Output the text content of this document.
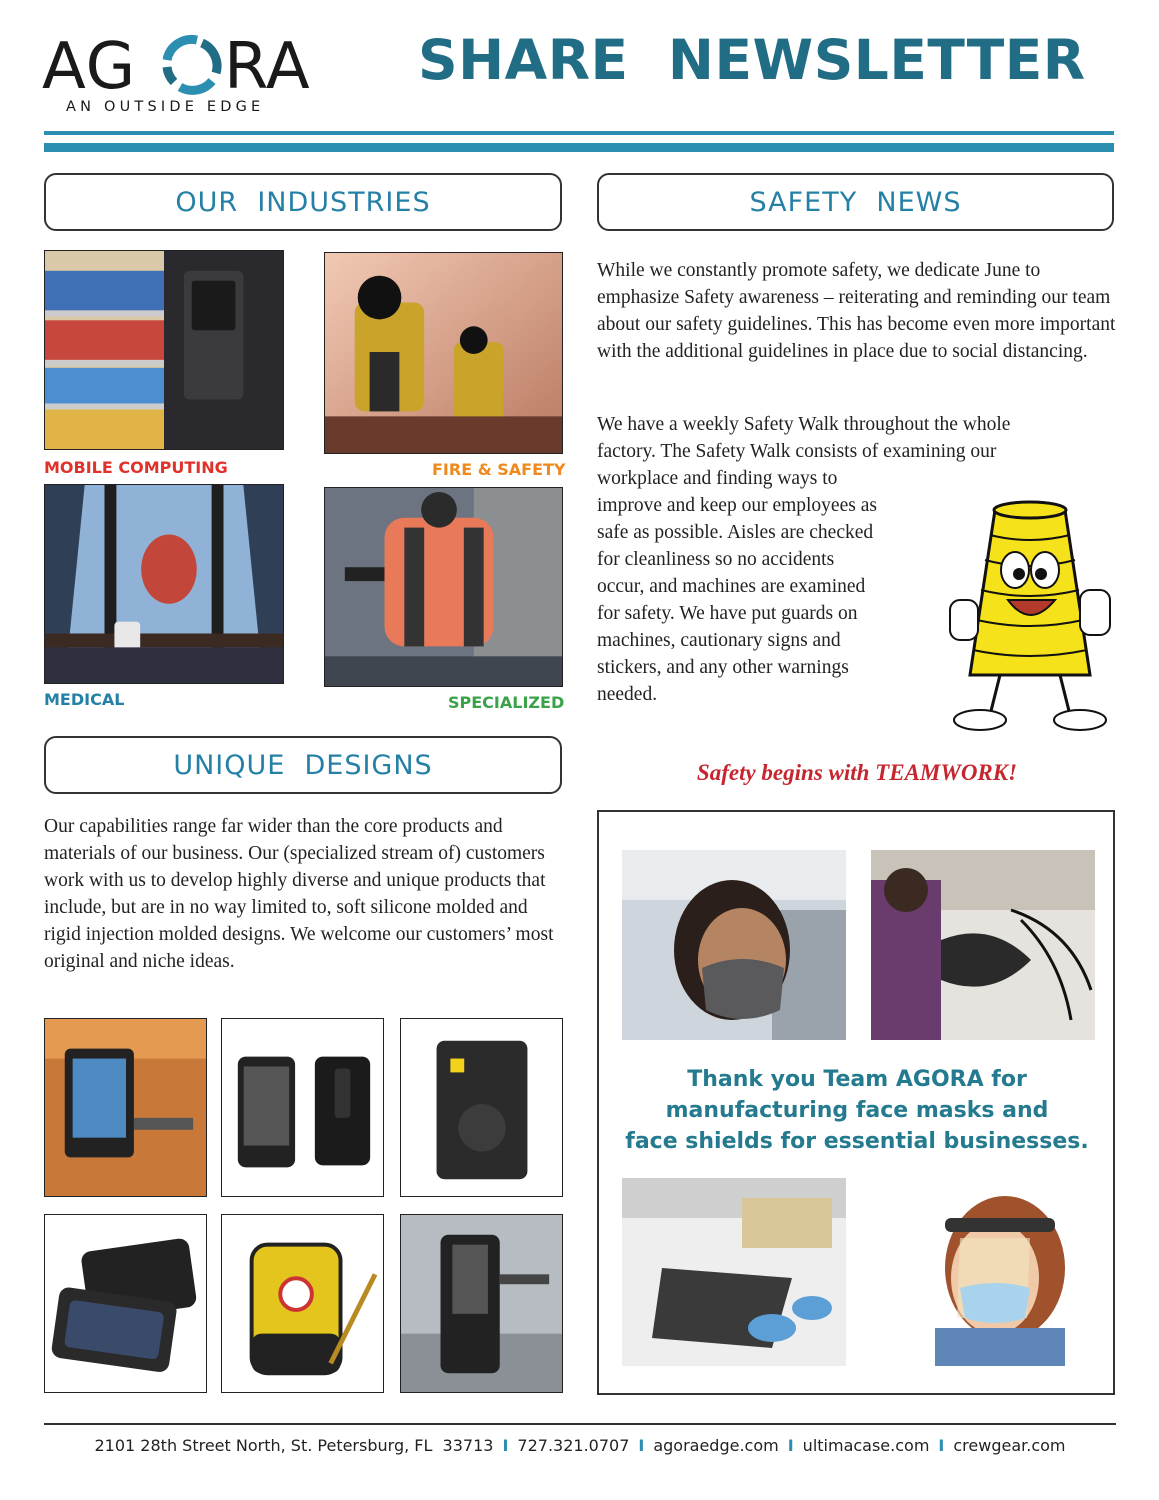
AG RA
AN OUTSIDE EDGE
SHARE  NEWSLETTER
OUR  INDUSTRIES
MOBILE COMPUTING	FIRE & SAFETY
MEDICAL	SPECIALIZED
SAFETY  NEWS
While we constantly promote safety, we dedicate June to emphasize Safety awareness – reiterating and reminding our team about our safety guidelines. This has become even more important with the additional guidelines in place due to social distancing.
We have a weekly Safety Walk throughout the whole
factory. The Safety Walk consists of examining our
workplace and finding ways to
improve and keep our employees as
safe as possible. Aisles are checked
for cleanliness so no accidents
occur, and machines are examined
for safety. We have put guards on
machines, cautionary signs and
stickers, and any other warnings
needed.
Safety begins with TEAMWORK!
UNIQUE  DESIGNS
Our capabilities range far wider than the core products and materials of our business. Our (specialized stream of) customers work with us to develop highly diverse and unique products that include, but are in no way limited to, soft silicone molded and rigid injection molded designs. We welcome our customers’ most original and niche ideas.
Thank you Team AGORA for
manufacturing face masks and
face shields for essential businesses.
2101 28th Street North, St. Petersburg, FL  33713 I 727.321.0707 I agoraedge.com I ultimacase.com I crewgear.com
